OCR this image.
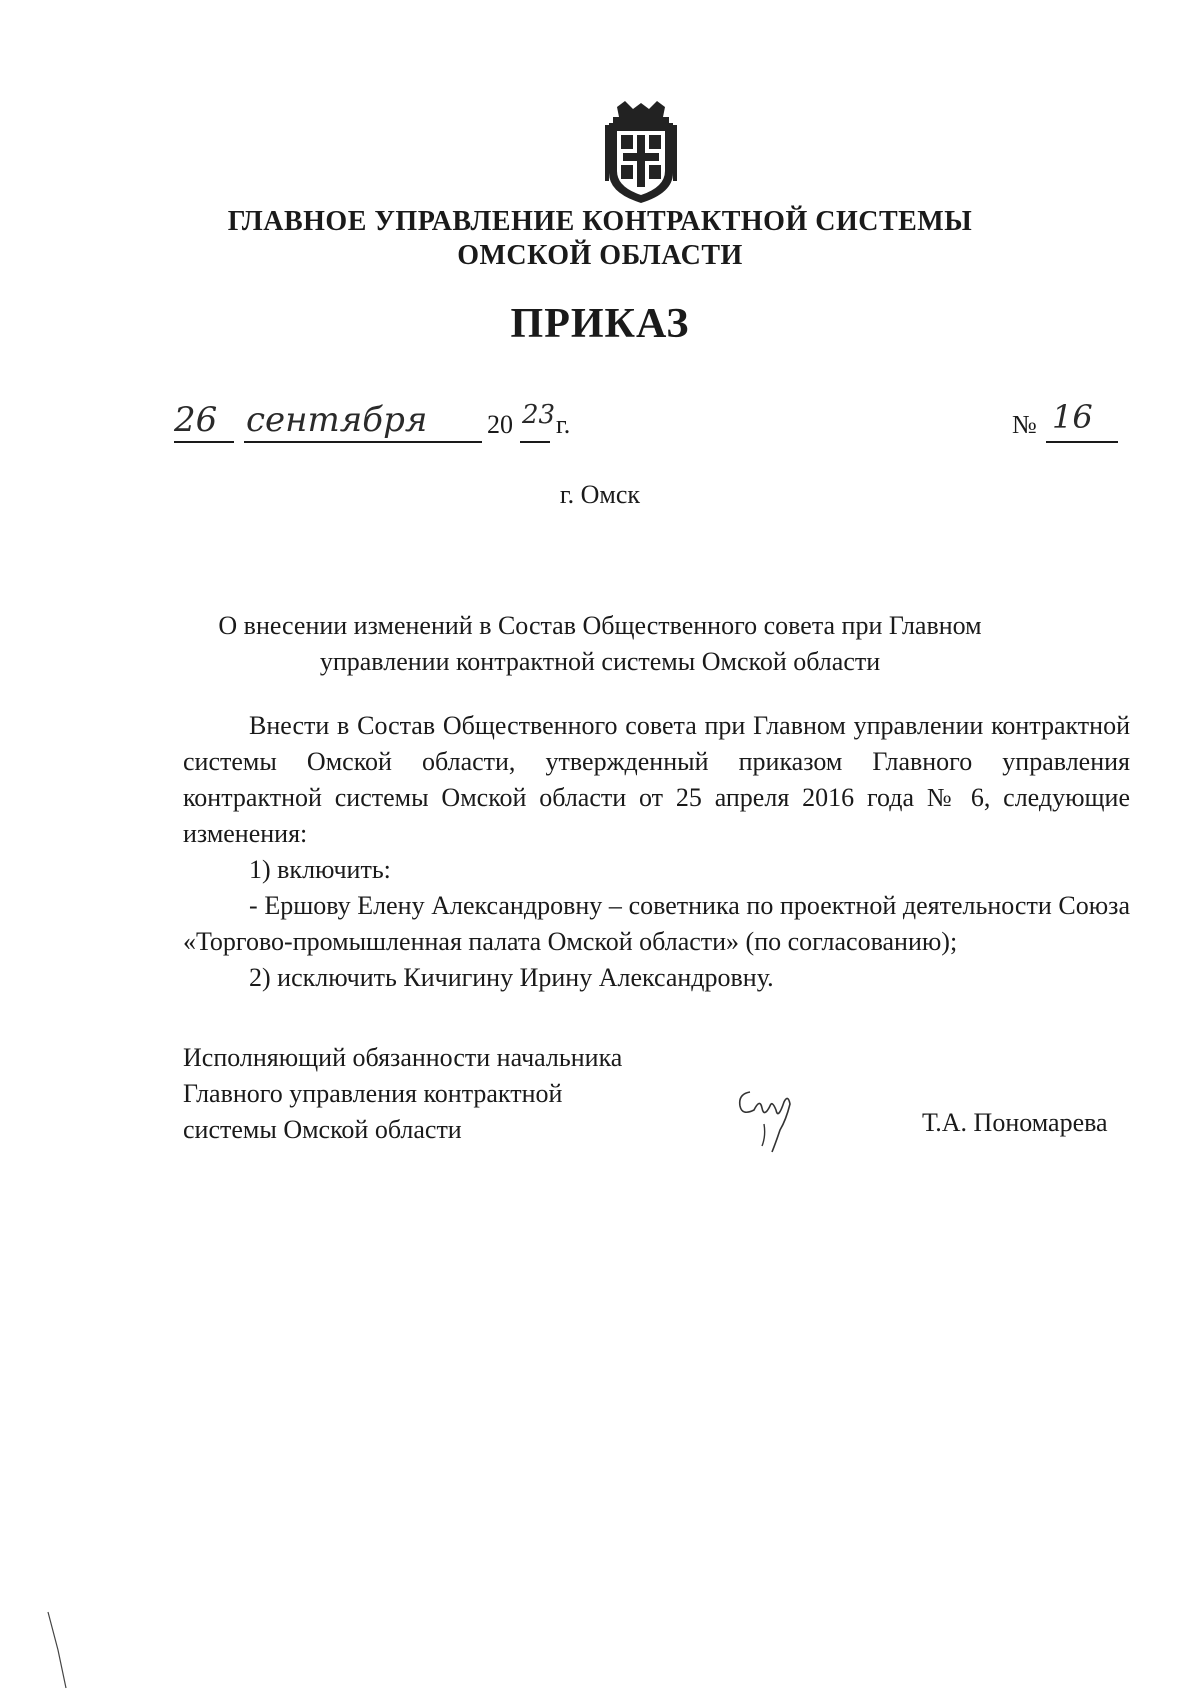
ГЛАВНОЕ УПРАВЛЕНИЕ КОНТРАКТНОЙ СИСТЕМЫ
ОМСКОЙ ОБЛАСТИ
ПРИКАЗ
26 сентября 20 23 г.	№ 16
г. Омск
О внесении изменений в Состав Общественного совета при Главном
управлении контрактной системы Омской области

Внести в Состав Общественного совета при Главном управлении контрактной системы Омской области, утвержденный приказом Главного управления контрактной системы Омской области от 25 апреля 2016 года № 6, следующие изменения:

1) включить:

- Ершову Елену Александровну – советника по проектной деятельности Союза «Торгово-промышленная палата Омской области» (по согласованию);

2) исключить Кичигину Ирину Александровну.

Исполняющий обязанности начальника
Главного управления контрактной
системы Омской области	Т.А. Пономарева
